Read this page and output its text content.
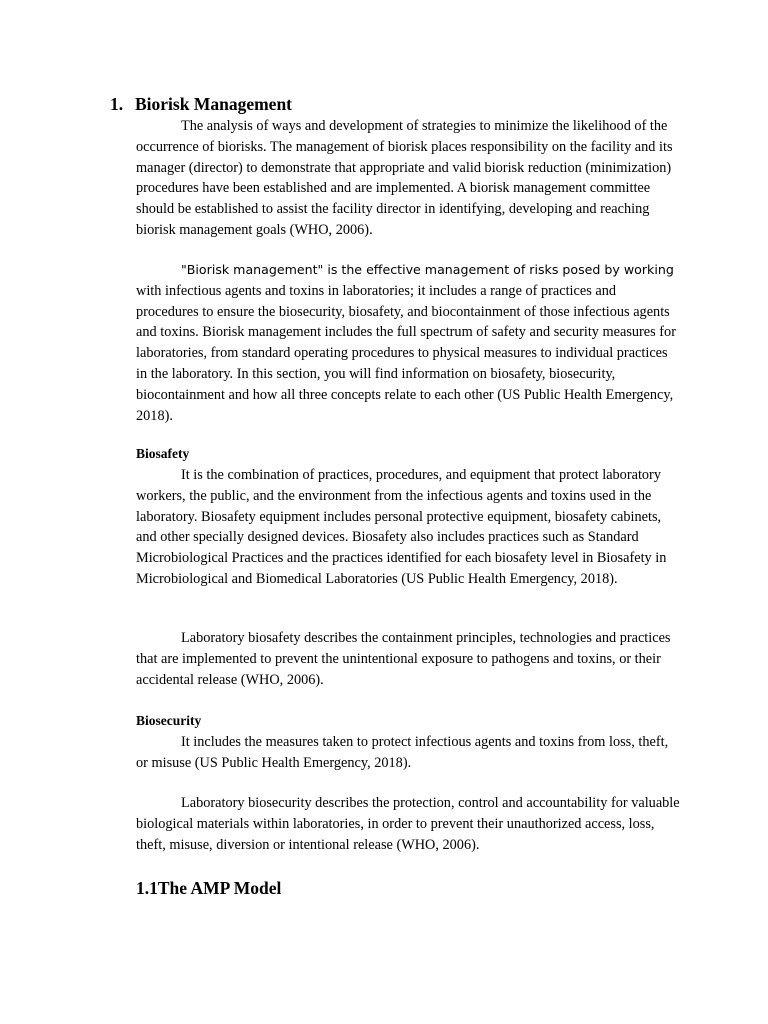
1. Biorisk Management

The analysis of ways and development of strategies to minimize the likelihood of the occurrence of biorisks. The management of biorisk places responsibility on the facility and its manager (director) to demonstrate that appropriate and valid biorisk reduction (minimization) procedures have been established and are implemented. A biorisk management committee should be established to assist the facility director in identifying, developing and reaching biorisk management goals (WHO, 2006).

"Biorisk management" is the effective management of risks posed by working with infectious agents and toxins in laboratories; it includes a range of practices and procedures to ensure the biosecurity, biosafety, and biocontainment of those infectious agents and toxins. Biorisk management includes the full spectrum of safety and security measures for laboratories, from standard operating procedures to physical measures to individual practices in the laboratory. In this section, you will find information on biosafety, biosecurity, biocontainment and how all three concepts relate to each other (US Public Health Emergency, 2018).

Biosafety

It is the combination of practices, procedures, and equipment that protect laboratory workers, the public, and the environment from the infectious agents and toxins used in the laboratory. Biosafety equipment includes personal protective equipment, biosafety cabinets, and other specially designed devices. Biosafety also includes practices such as Standard Microbiological Practices and the practices identified for each biosafety level in Biosafety in Microbiological and Biomedical Laboratories (US Public Health Emergency, 2018).

Laboratory biosafety describes the containment principles, technologies and practices that are implemented to prevent the unintentional exposure to pathogens and toxins, or their accidental release (WHO, 2006).

Biosecurity

It includes the measures taken to protect infectious agents and toxins from loss, theft, or misuse (US Public Health Emergency, 2018).

Laboratory biosecurity describes the protection, control and accountability for valuable biological materials within laboratories, in order to prevent their unauthorized access, loss, theft, misuse, diversion or intentional release (WHO, 2006).

1.1The AMP Model
